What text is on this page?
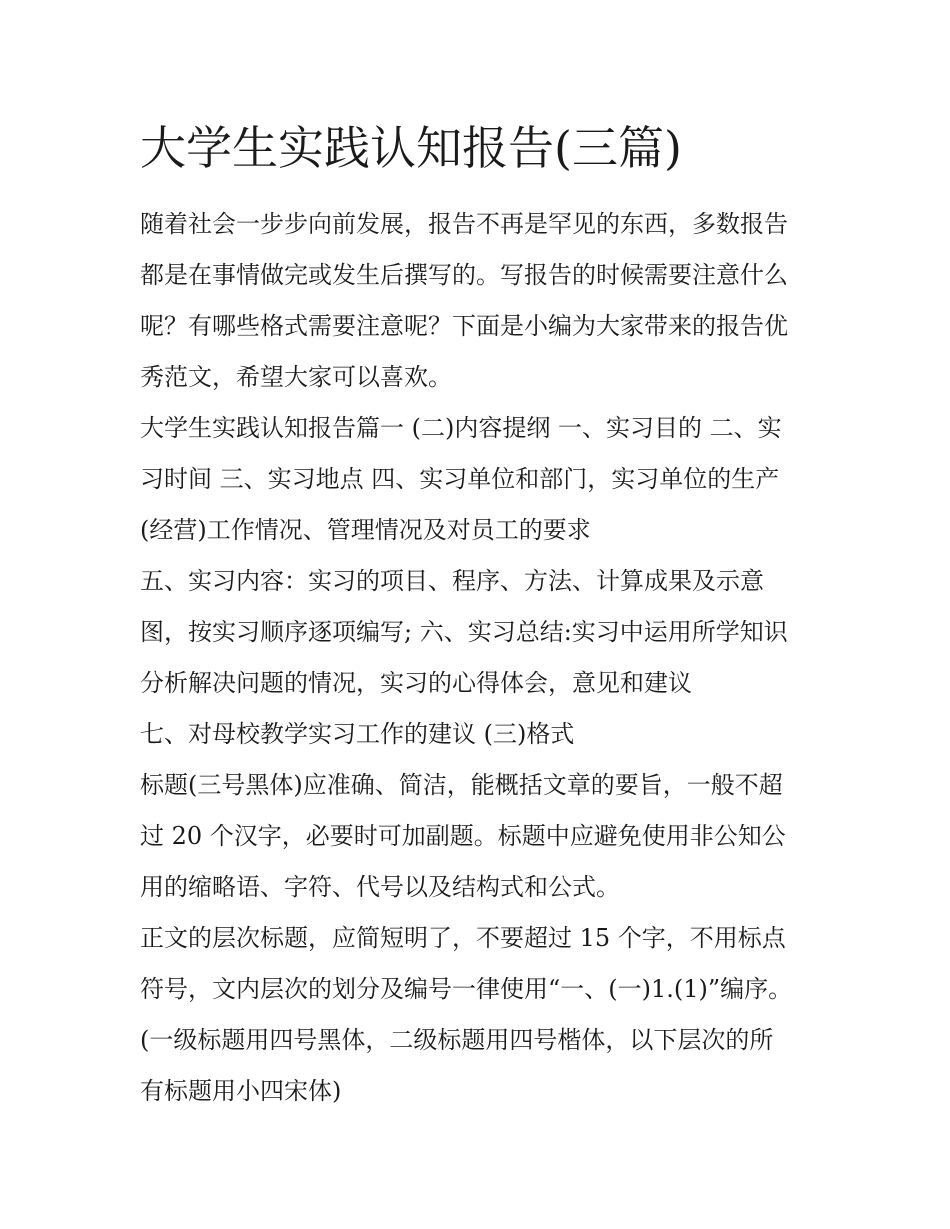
大学生实践认知报告(三篇)
随着社会一步步向前发展，报告不再是罕见的东西，多数报告
都是在事情做完或发生后撰写的。写报告的时候需要注意什么
呢？有哪些格式需要注意呢？下面是小编为大家带来的报告优
秀范文，希望大家可以喜欢。
大学生实践认知报告篇一 (二)内容提纲 一、实习目的 二、实
习时间 三、实习地点 四、实习单位和部门，实习单位的生产
(经营)工作情况、管理情况及对员工的要求
五、实习内容：实习的项目、程序、方法、计算成果及示意
图，按实习顺序逐项编写; 六、实习总结:实习中运用所学知识
分析解决问题的情况，实习的心得体会，意见和建议
七、对母校教学实习工作的建议 (三)格式
标题(三号黑体)应准确、简洁，能概括文章的要旨，一般不超
过 20 个汉字，必要时可加副题。标题中应避免使用非公知公
用的缩略语、字符、代号以及结构式和公式。
正文的层次标题，应简短明了，不要超过 15 个字，不用标点
符号，文内层次的划分及编号一律使用“一、(一)1.(1)”编序。
(一级标题用四号黑体，二级标题用四号楷体，以下层次的所
有标题用小四宋体)
